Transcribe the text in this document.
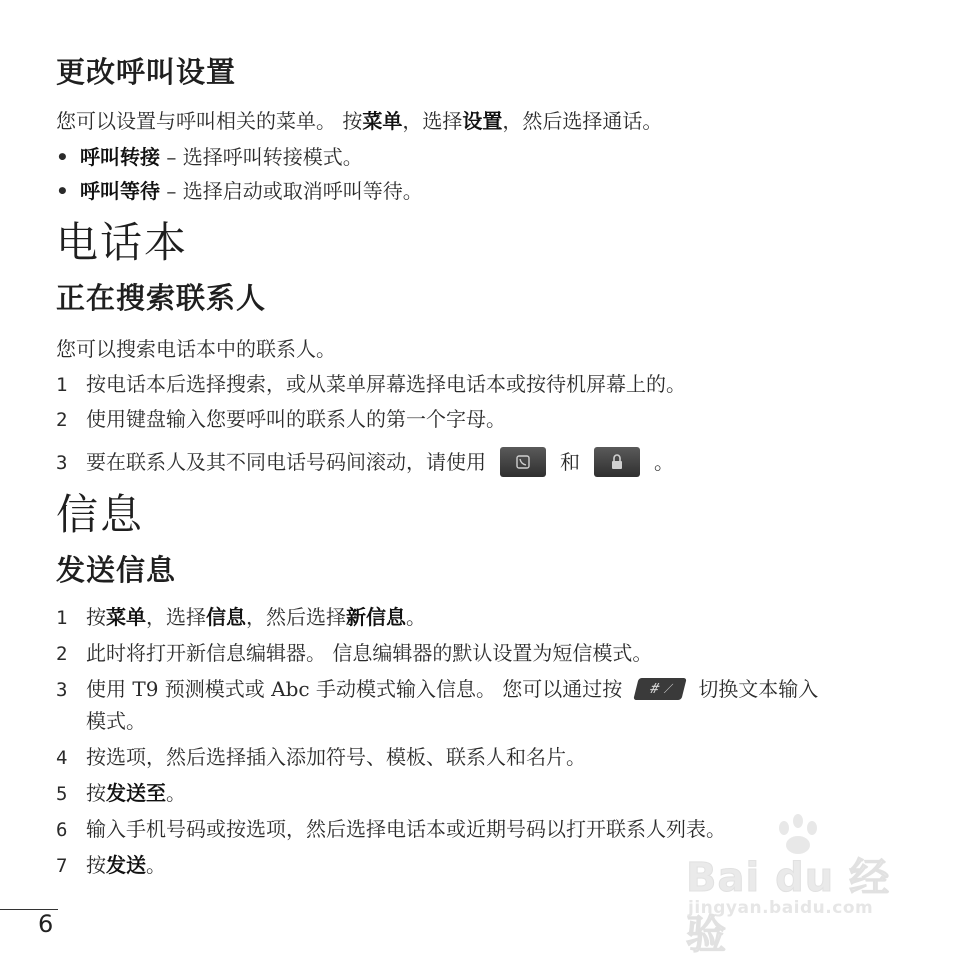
更改呼叫设置
您可以设置与呼叫相关的菜单。 按菜单，选择设置，然后选择通话。
• 呼叫转接 – 选择呼叫转接模式。
• 呼叫等待 – 选择启动或取消呼叫等待。
电话本
正在搜索联系人
您可以搜索电话本中的联系人。
1 按电话本后选择搜索，或从菜单屏幕选择电话本或按待机屏幕上的。
2 使用键盘输入您要呼叫的联系人的第一个字母。
3 要在联系人及其不同电话号码间滚动，请使用	和	。
信息
发送信息
1 按菜单，选择信息，然后选择新信息。
2 此时将打开新信息编辑器。 信息编辑器的默认设置为短信模式。
3 使用 T9 预测模式或 Abc 手动模式输入信息。 您可以通过按 # ⁄ 切换文本输入
模式。
4 按选项，然后选择插入添加符号、模板、联系人和名片。
5 按发送至。
6 输入手机号码或按选项，然后选择电话本或近期号码以打开联系人列表。
7 按发送。	Bai du 经验
jingyan.baidu.com
6
